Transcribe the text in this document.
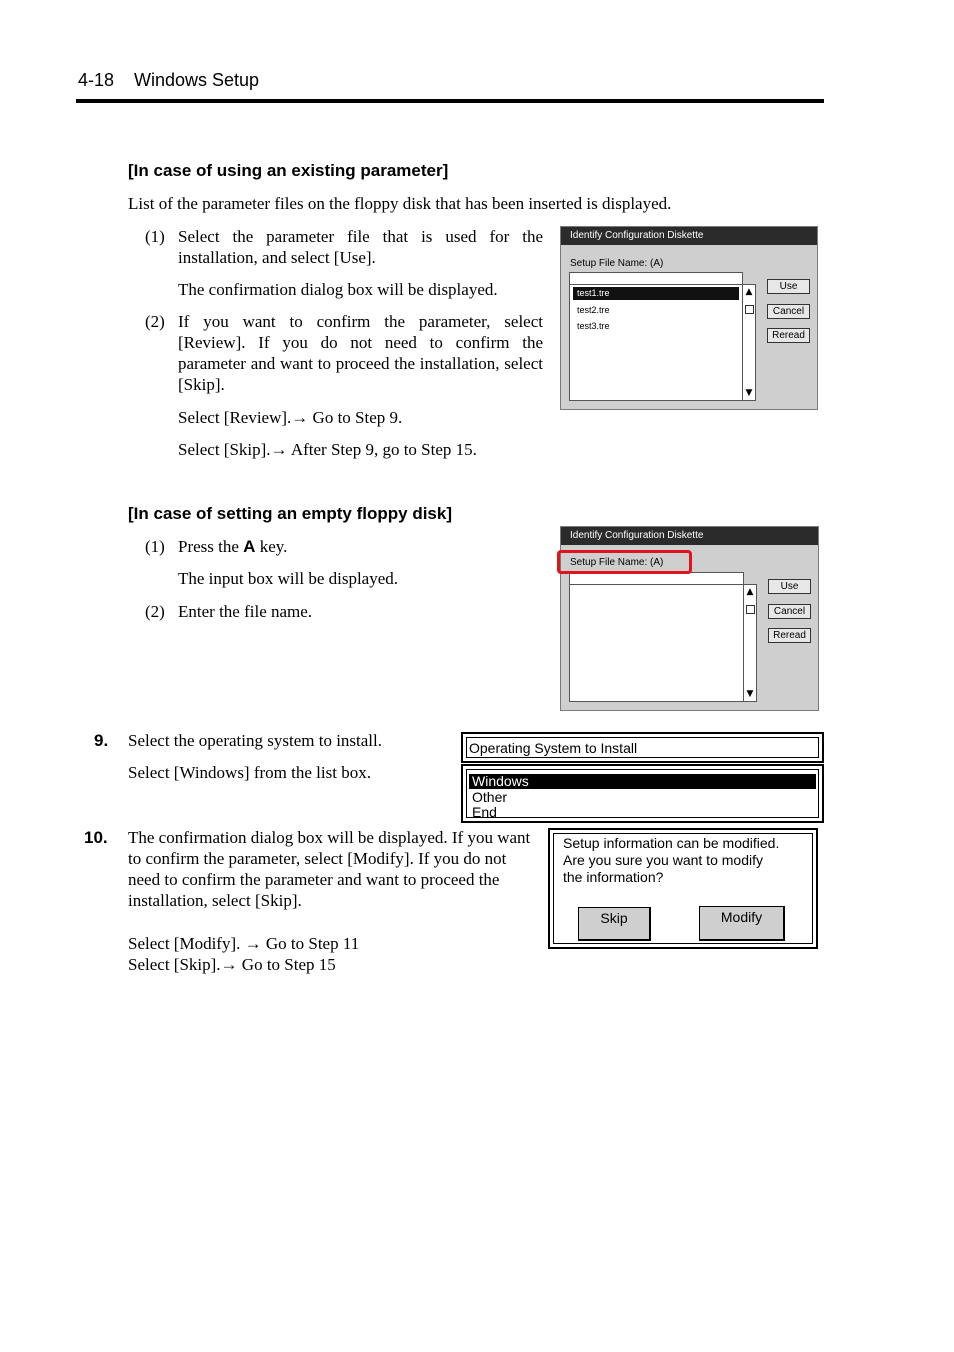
4-18 Windows Setup
[In case of using an existing parameter]
List of the parameter files on the floppy disk that has been inserted is displayed.
(1) Select the parameter file that is used for the installation, and select [Use].
The confirmation dialog box will be displayed.
(2) If you want to confirm the parameter, select [Review]. If you do not need to confirm the parameter and want to proceed the installation, select [Skip].
Select [Review].→ Go to Step 9.
Select [Skip].→ After Step 9, go to Step 15.
Identify Configuration Diskette
Setup File Name: (A)
test1.tre
test2.tre
test3.tre
▲
▼
Use
Cancel
Reread
[In case of setting an empty floppy disk]
(1) Press the A key.
The input box will be displayed.
(2) Enter the file name.
Identify Configuration Diskette
Setup File Name: (A)
▲
▼
Use
Cancel
Reread
9. Select the operating system to install.
Select [Windows] from the list box.
Operating System to Install
Windows
Other
End
10. The confirmation dialog box will be displayed. If you want to confirm the parameter, select [Modify]. If you do not need to confirm the parameter and want to proceed the installation, select [Skip].
Select [Modify]. → Go to Step 11
Select [Skip].→ Go to Step 15
Setup information can be modified.
Are you sure you want to modify
the information?
Skip	Modify
